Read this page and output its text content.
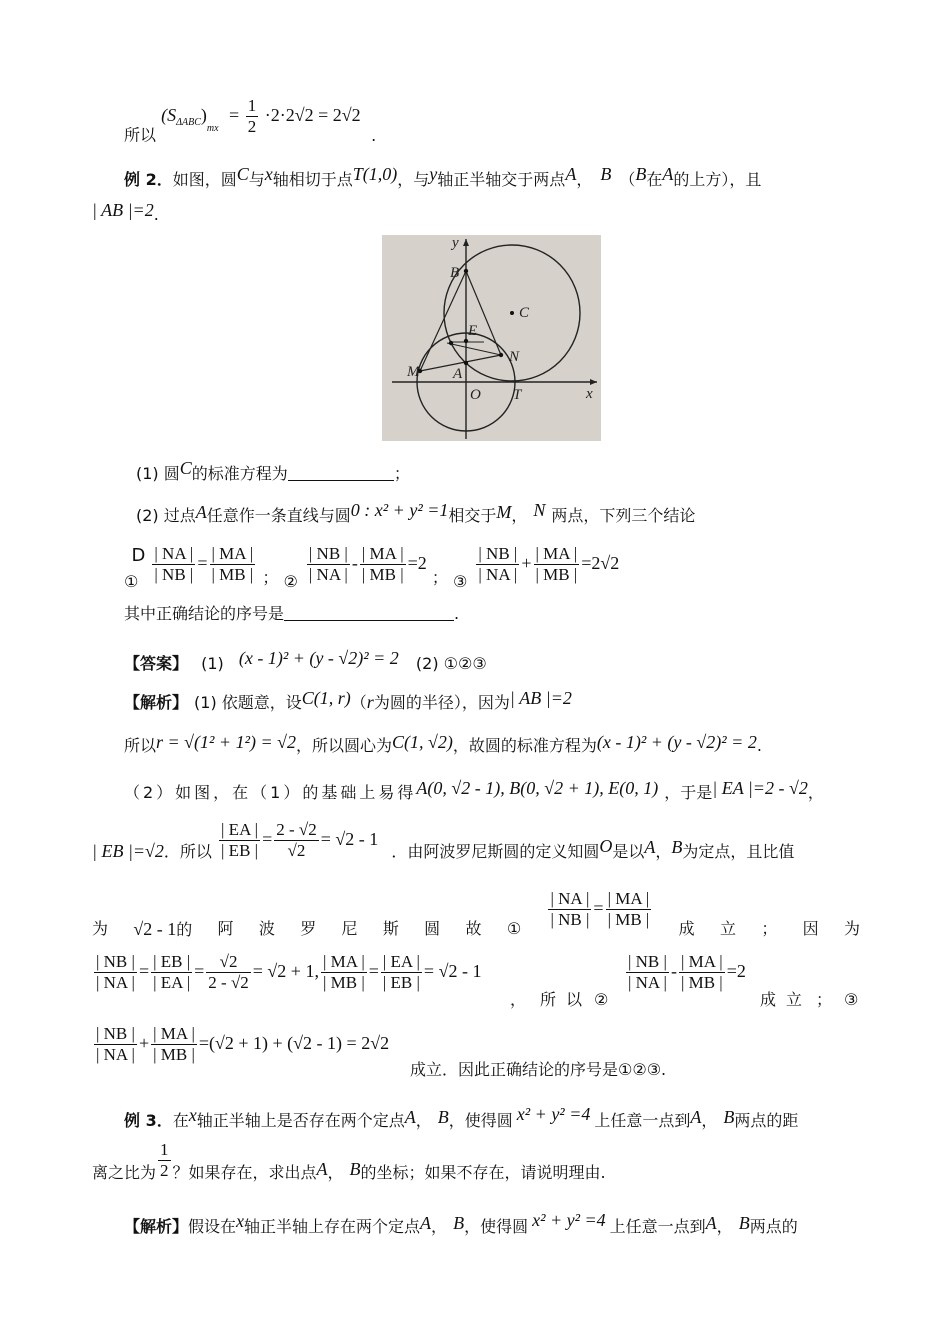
所以 $(S_{\Delta ABC})_{mx} = \frac{1}{2} \cdot 2\cdot 2√2 = 2√2$ .
例 2．如图，圆C与x轴相切于点T(1,0)，与y轴正半轴交于两点A， B （B在A的上方），且
| AB |=2.
y
x
B
C
E
N
M A
O T
(1) 圆C的标准方程为	；
(2) 过点A任意作一条直线与圆0 : x² + y² =1相交于M， N 两点，下列三个结论
① D $\frac{| NA |}{| NB |} = \frac{| MA |}{| MB |}$ ； ② $\frac{| NB |}{| NA |} - \frac{| MA |}{| MB |} =2$ ； ③ $\frac{| NB |}{| NA |} + \frac{| MA |}{| MB |} =2√2$
其中正确结论的序号是	.
【答案】 (1) (x - 1)² + (y - √2)² = 2 (2) ①②③
【解析】 (1) 依题意，设C(1, r)（r为圆的半径），因为| AB |=2
所以r = √(1² + 1²) = √2，所以圆心为C(1, √2)，故圆的标准方程为(x - 1)² + (y - √2)² = 2.
（2）如图，在（1）的基础上易得A(0, √2 - 1), B(0, √2 + 1), E(0, 1) ，于是| EA |=2 - √2，
| EB |=√2．所以 $\frac{| EA |}{| EB |} = \frac{2 - √2}{√2} = √2 - 1$ ．由阿波罗尼斯圆的定义知圆O是以A，B为定点，且比值
为 √2 - 1的 阿 波 罗 尼 斯 圆 故 ① $\frac{| NA |}{| NB |} = \frac{| MA |}{| MB |}$ 成 立 ； 因 为
$\frac{| NB |}{| NA |} = \frac{| EB |}{| EA |} = \frac{√2}{2 - √2} = √2 + 1$, $\frac{| MA |}{| MB |} = \frac{| EA |}{| EB |} = √2 - 1$
， 所 以 ②
$\frac{| NB |}{| NA |} - \frac{| MA |}{| MB |} =2$
成 立 ； ③
$\frac{| NB |}{| NA |} + \frac{| MA |}{| MB |} =(√2 + 1) + (√2 - 1) = 2√2$
成立．因此正确结论的序号是①②③.
例 3．在x轴正半轴上是否存在两个定点A， B，使得圆 x² + y² =4 上任意一点到A， B两点的距
离之比为 $\frac{1}{2}$ ？如果存在，求出点A， B的坐标；如果不存在，请说明理由.
【解析】假设在x轴正半轴上存在两个定点A， B，使得圆 x² + y² =4 上任意一点到A， B两点的
